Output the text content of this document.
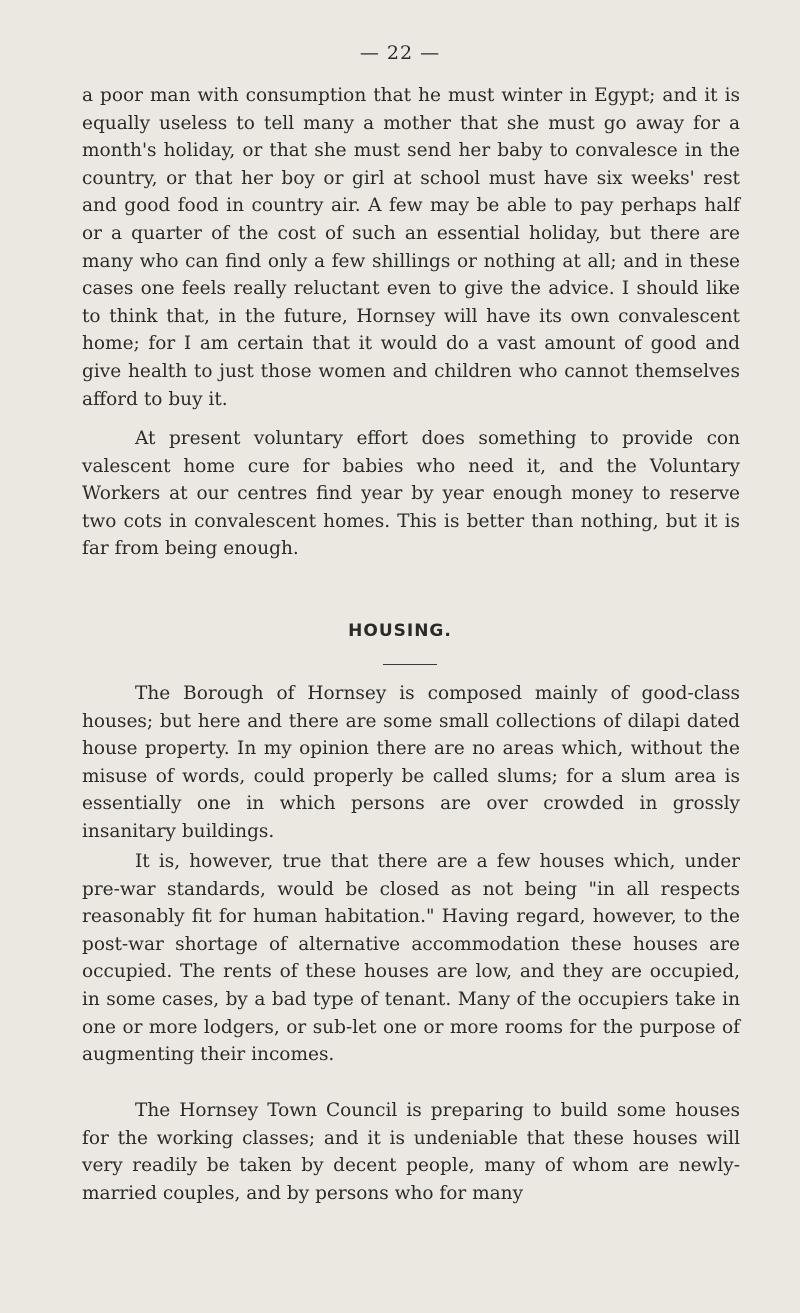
— 22 —

a poor man with consumption that he must winter in Egypt; and it is equally useless to tell many a mother that she must go away for a month's holiday, or that she must send her baby to convalesce in the country, or that her boy or girl at school must have six weeks' rest and good food in country air. A few may be able to pay perhaps half or a quarter of the cost of such an essential holiday, but there are many who can find only a few shillings or nothing at all; and in these cases one feels really reluctant even to give the advice. I should like to think that, in the future, Hornsey will have its own convalescent home; for I am certain that it would do a vast amount of good and give health to just those women and children who cannot themselves afford to buy it.

At present voluntary effort does something to provide con valescent home cure for babies who need it, and the Voluntary Workers at our centres find year by year enough money to reserve two cots in convalescent homes. This is better than nothing, but it is far from being enough.

HOUSING.

The Borough of Hornsey is composed mainly of good-class houses; but here and there are some small collections of dilapi dated house property. In my opinion there are no areas which, without the misuse of words, could properly be called slums; for a slum area is essentially one in which persons are over crowded in grossly insanitary buildings.

It is, however, true that there are a few houses which, under pre-war standards, would be closed as not being "in all respects reasonably fit for human habitation." Having regard, however, to the post-war shortage of alternative accommodation these houses are occupied. The rents of these houses are low, and they are occupied, in some cases, by a bad type of tenant. Many of the occupiers take in one or more lodgers, or sub-let one or more rooms for the purpose of augmenting their incomes.

The Hornsey Town Council is preparing to build some houses for the working classes; and it is undeniable that these houses will very readily be taken by decent people, many of whom are newly-married couples, and by persons who for many
